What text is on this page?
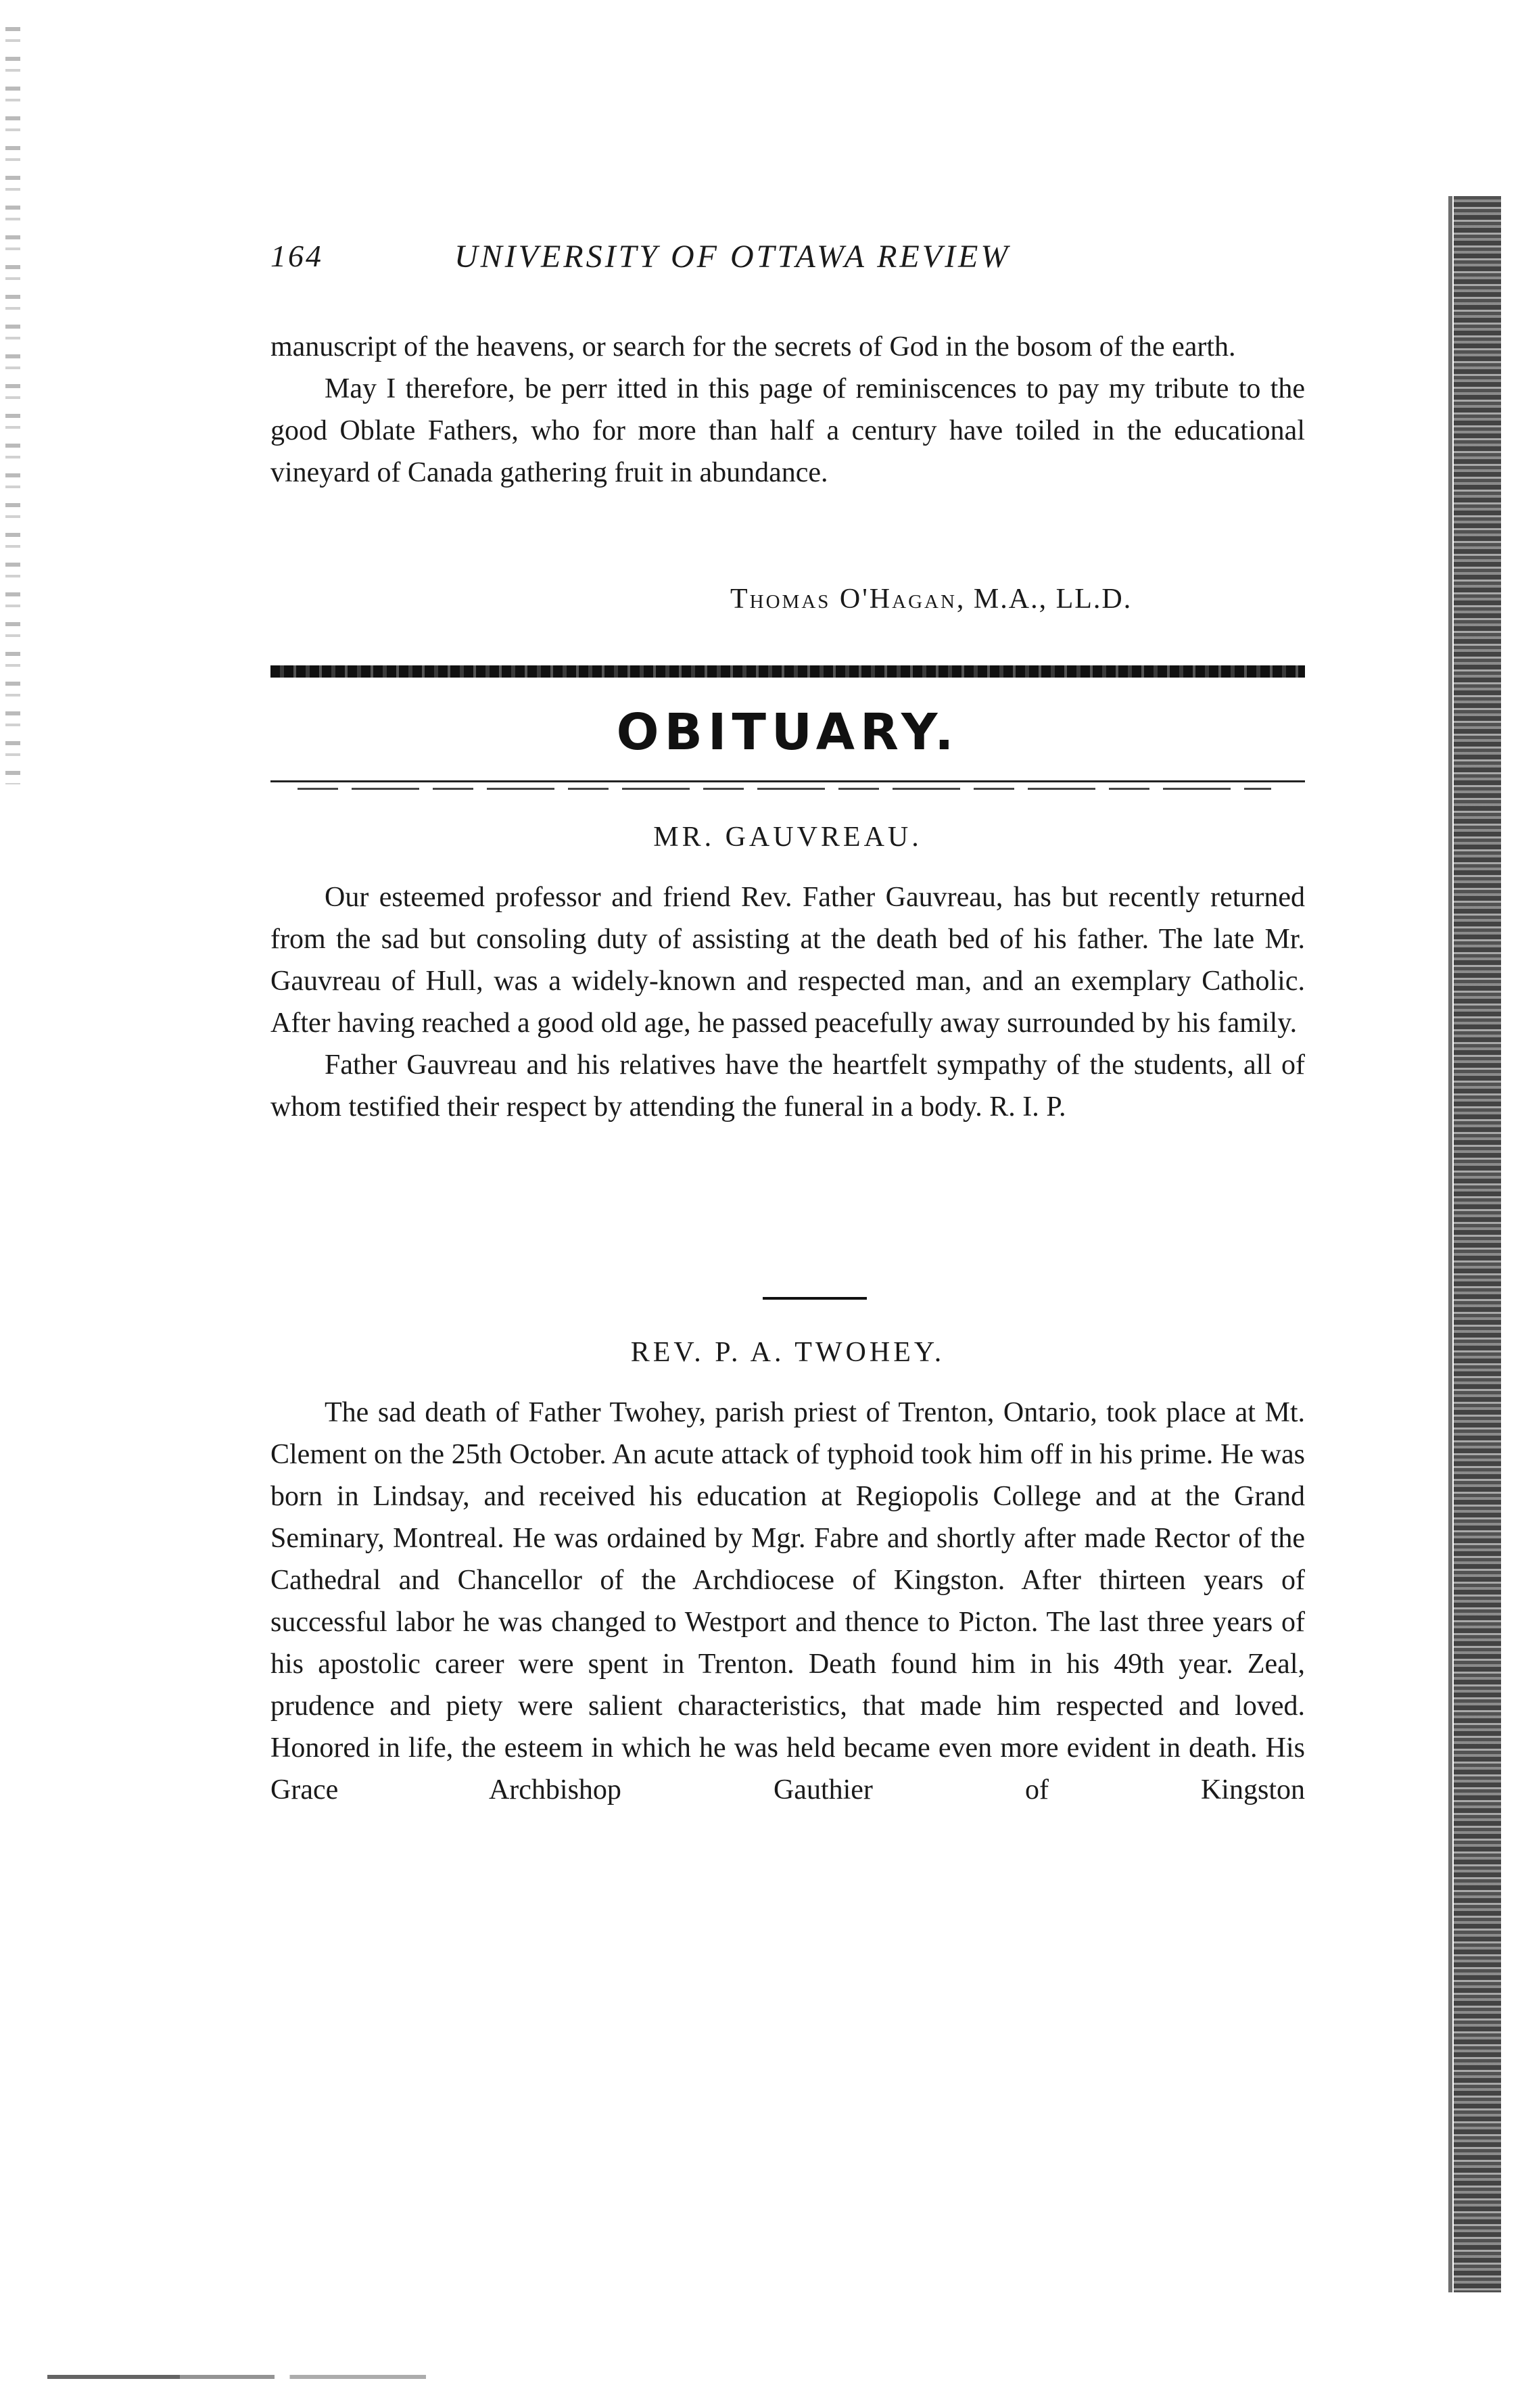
164	UNIVERSITY OF OTTAWA REVIEW

manuscript of the heavens, or search for the secrets of God in the bosom of the earth.

May I therefore, be perr itted in this page of reminiscences to pay my tribute to the good Oblate Fathers, who for more than half a century have toiled in the educational vineyard of Canada gathering fruit in abundance.

Thomas O'Hagan, M.A., LL.D.
OBITUARY.
MR. GAUVREAU.

Our esteemed professor and friend Rev. Father Gauvreau, has but recently returned from the sad but consoling duty of assisting at the death bed of his father. The late Mr. Gauvreau of Hull, was a widely-known and respected man, and an exemplary Catholic. After having reached a good old age, he passed peacefully away surrounded by his family.

Father Gauvreau and his relatives have the heartfelt sympathy of the students, all of whom testified their respect by attending the funeral in a body. R. I. P.

REV. P. A. TWOHEY.

The sad death of Father Twohey, parish priest of Trenton, Ontario, took place at Mt. Clement on the 25th October. An acute attack of typhoid took him off in his prime. He was born in Lindsay, and received his education at Regiopolis College and at the Grand Seminary, Montreal. He was ordained by Mgr. Fabre and shortly after made Rector of the Cathedral and Chancellor of the Archdiocese of Kingston. After thirteen years of successful labor he was changed to Westport and thence to Picton. The last three years of his apostolic career were spent in Trenton. Death found him in his 49th year. Zeal, prudence and piety were salient characteristics, that made him respected and loved. Honored in life, the esteem in which he was held became even more evident in death. His Grace Archbishop Gauthier of Kingston
